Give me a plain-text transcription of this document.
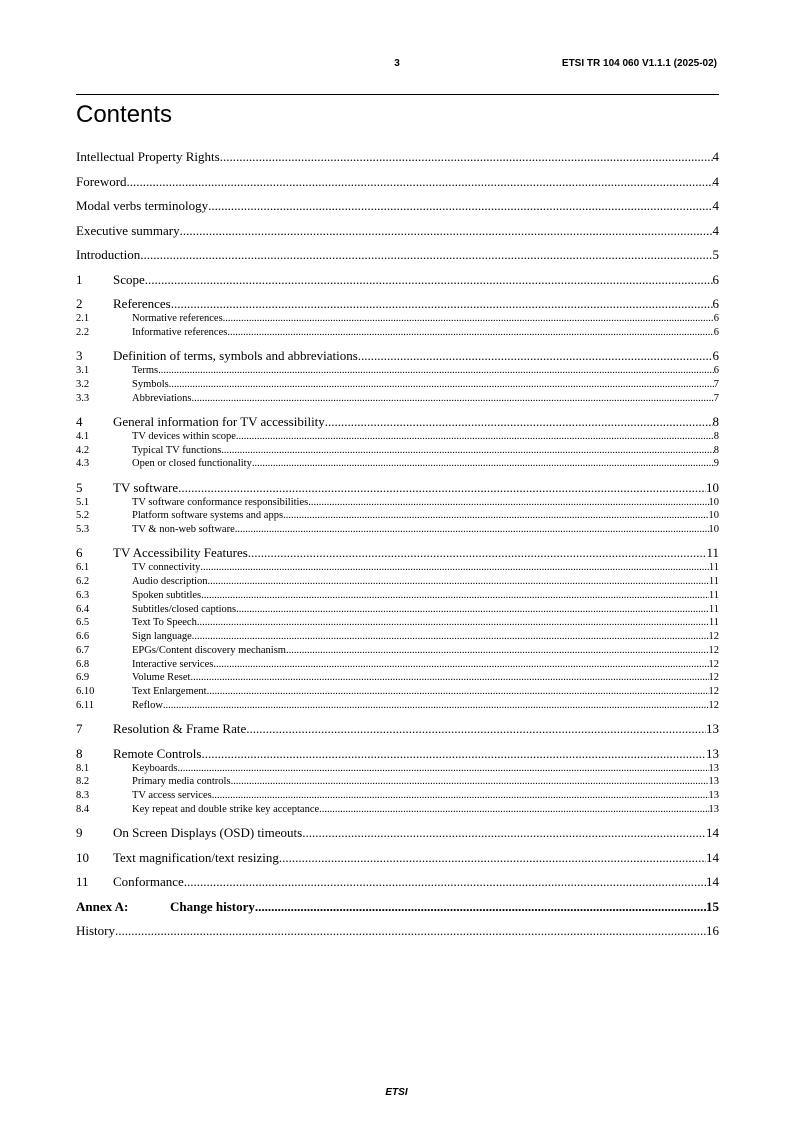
3	ETSI TR 104 060 V1.1.1 (2025-02)
Contents
Intellectual Property Rights .....	4
Foreword .....	4
Modal verbs terminology .....	4
Executive summary .....	4
Introduction .....	5
1	Scope .....	6
2	References .....	6
2.1	Normative references .....	6
2.2	Informative references .....	6
3	Definition of terms, symbols and abbreviations .....	6
3.1	Terms .....	6
3.2	Symbols .....	7
3.3	Abbreviations .....	7
4	General information for TV accessibility .....	8
4.1	TV devices within scope .....	8
4.2	Typical TV functions .....	8
4.3	Open or closed functionality .....	9
5	TV software .....	10
5.1	TV software conformance responsibilities .....	10
5.2	Platform software systems and apps .....	10
5.3	TV & non-web software .....	10
6	TV Accessibility Features .....	11
6.1	TV connectivity .....	11
6.2	Audio description .....	11
6.3	Spoken subtitles .....	11
6.4	Subtitles/closed captions .....	11
6.5	Text To Speech .....	11
6.6	Sign language .....	12
6.7	EPGs/Content discovery mechanism .....	12
6.8	Interactive services .....	12
6.9	Volume Reset .....	12
6.10	Text Enlargement .....	12
6.11	Reflow .....	12
7	Resolution & Frame Rate .....	13
8	Remote Controls .....	13
8.1	Keyboards .....	13
8.2	Primary media controls .....	13
8.3	TV access services .....	13
8.4	Key repeat and double strike key acceptance .....	13
9	On Screen Displays (OSD) timeouts .....	14
10	Text magnification/text resizing .....	14
11	Conformance .....	14
Annex A:	Change history .....	15
History .....	16
ETSI
